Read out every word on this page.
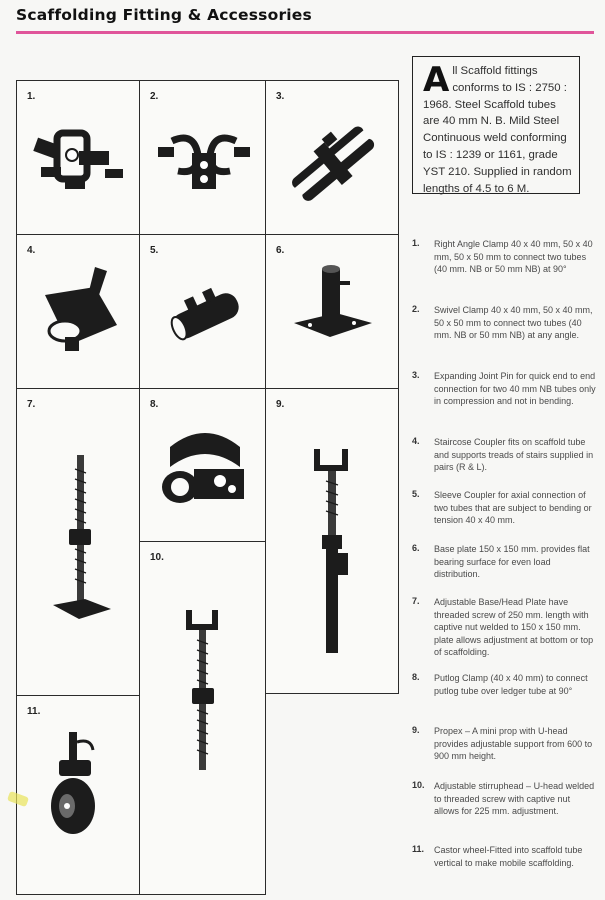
Scaffolding Fitting & Accessories
1.	2.	3.
4.	5.	6.
7.	8.
10.
9.
11.
All Scaffold fittings conforms to IS : 2750 : 1968. Steel Scaffold tubes are 40 mm N. B. Mild Steel Continuous weld conforming to IS : 1239 or 1161, grade YST 210. Supplied in random lengths of 4.5 to 6 M.
1. Right Angle Clamp 40 x 40 mm, 50 x 40 mm, 50 x 50 mm to connect two tubes (40 mm. NB or 50 mm NB) at 90°
2. Swivel Clamp 40 x 40 mm, 50 x 40 mm, 50 x 50 mm to connect two tubes (40 mm. NB or 50 mm NB) at any angle.
3. Expanding Joint Pin for quick end to end connection for two 40 mm NB tubes only in compression and not in bending.
4. Staircose Coupler fits on scaffold tube and supports treads of stairs supplied in pairs (R & L).
5. Sleeve Coupler for axial connection of two tubes that are subject to bending or tension 40 x 40 mm.
6. Base plate 150 x 150 mm. provides flat bearing surface for even load distribution.
7. Adjustable Base/Head Plate have threaded screw of 250 mm. length with captive nut welded to 150 x 150 mm. plate allows adjustment at bottom or top of scaffolding.
8. Putlog Clamp (40 x 40 mm) to connect putlog tube over ledger tube at 90°
9. Propex – A mini prop with U-head provides adjustable support from 600 to 900 mm height.
10. Adjustable stirruphead – U-head welded to threaded screw with captive nut allows for 225 mm. adjustment.
11. Castor wheel-Fitted into scaffold tube vertical to make mobile scaffolding.
